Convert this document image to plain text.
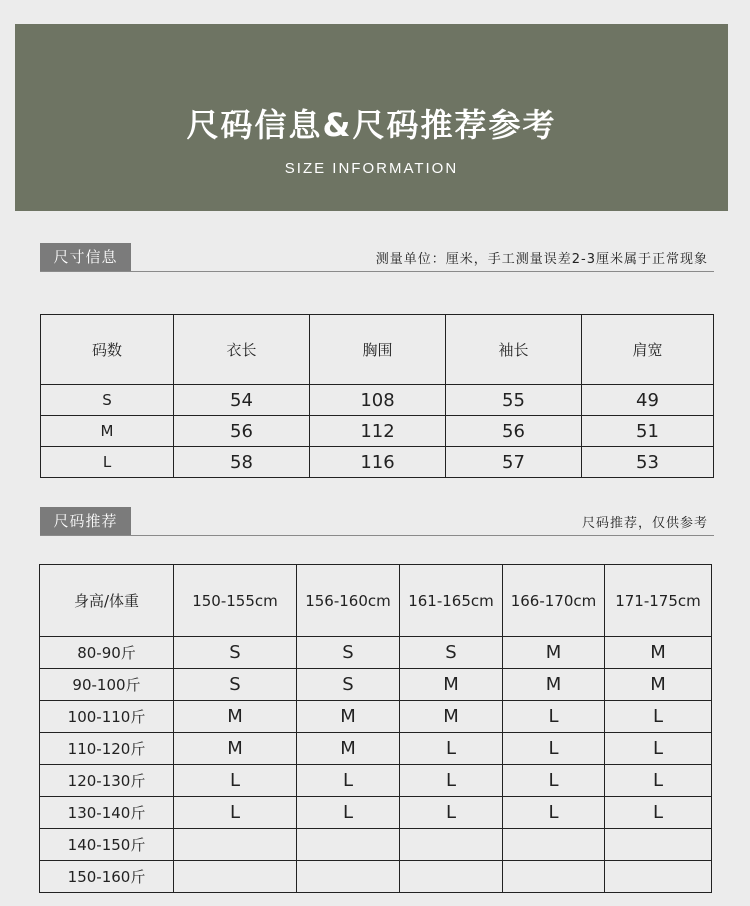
尺码信息&尺码推荐参考
SIZE INFORMATION
尺寸信息	测量单位：厘米，手工测量误差2-3厘米属于正常现象
码数	衣长	胸围	袖长	肩宽
S	54	108	55	49
M	56	112	56	51
L	58	116	57	53
尺码推荐	尺码推荐，仅供参考
身高/体重	150-155cm	156-160cm	161-165cm	166-170cm	171-175cm
80-90斤	S	S	S	M	M
90-100斤	S	S	M	M	M
100-110斤	M	M	M	L	L
110-120斤	M	M	L	L	L
120-130斤	L	L	L	L	L
130-140斤	L	L	L	L	L
140-150斤					
150-160斤					
